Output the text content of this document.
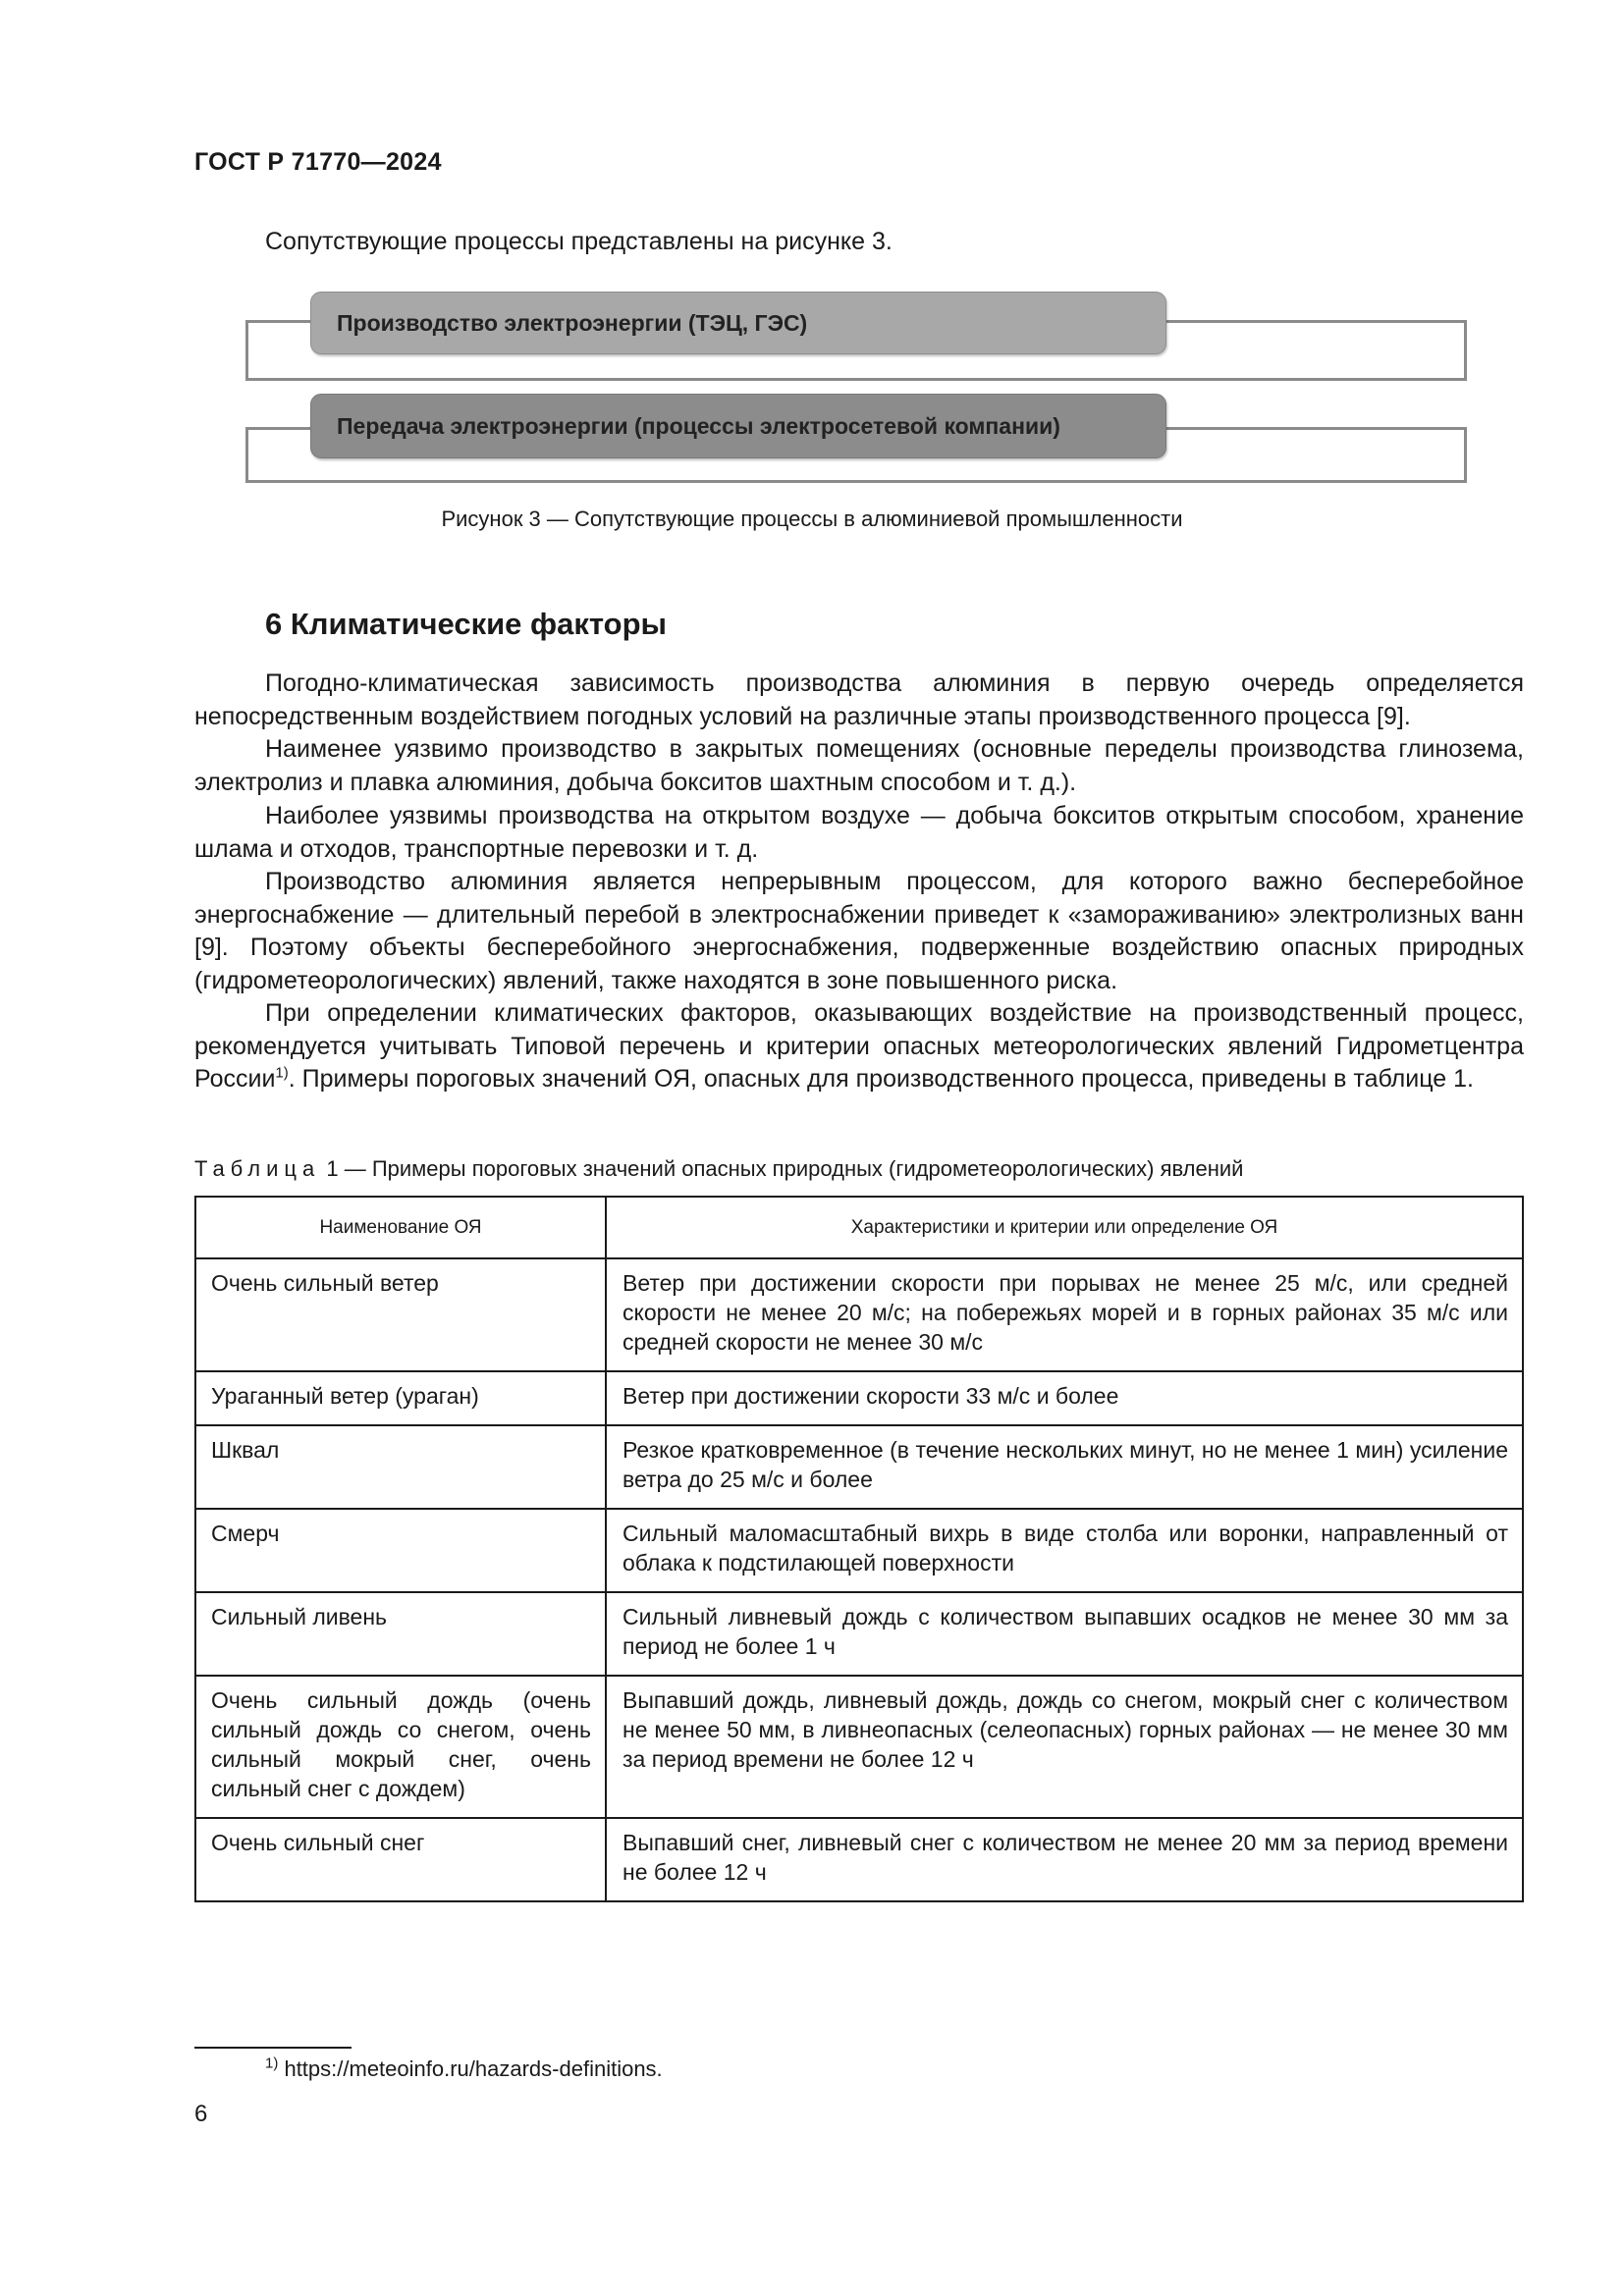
ГОСТ Р 71770—2024
Сопутствующие процессы представлены на рисунке 3.
Производство электроэнергии (ТЭЦ, ГЭС)
Передача электроэнергии (процессы электросетевой компании)
Рисунок 3 — Сопутствующие процессы в алюминиевой промышленности
6 Климатические факторы

Погодно-климатическая зависимость производства алюминия в первую очередь определяется непосредственным воздействием погодных условий на различные этапы производственного процесса [9].

Наименее уязвимо производство в закрытых помещениях (основные переделы производства глинозема, электролиз и плавка алюминия, добыча бокситов шахтным способом и т. д.).

Наиболее уязвимы производства на открытом воздухе — добыча бокситов открытым способом, хранение шлама и отходов, транспортные перевозки и т. д.

Производство алюминия является непрерывным процессом, для которого важно бесперебойное энергоснабжение — длительный перебой в электроснабжении приведет к «замораживанию» электролизных ванн [9]. Поэтому объекты бесперебойного энергоснабжения, подверженные воздействию опасных природных (гидрометеорологических) явлений, также находятся в зоне повышенного риска.

При определении климатических факторов, оказывающих воздействие на производственный процесс, рекомендуется учитывать Типовой перечень и критерии опасных метеорологических явлений Гидрометцентра России$^{1)}$. Примеры пороговых значений ОЯ, опасных для производственного процесса, приведены в таблице 1.

Таблица 1 — Примеры пороговых значений опасных природных (гидрометеорологических) явлений
Наименование ОЯ	Характеристики и критерии или определение ОЯ
Очень сильный ветер	Ветер при достижении скорости при порывах не менее 25 м/с, или средней скорости не менее 20 м/с; на побережьях морей и в горных районах 35 м/с или средней скорости не менее 30 м/с
Ураганный ветер (ураган)	Ветер при достижении скорости 33 м/с и более
Шквал	Резкое кратковременное (в течение нескольких минут, но не менее 1 мин) усиление ветра до 25 м/с и более
Смерч	Сильный маломасштабный вихрь в виде столба или воронки, направленный от облака к подстилающей поверхности
Сильный ливень	Сильный ливневый дождь с количеством выпавших осадков не менее 30 мм за период не более 1 ч
Очень сильный дождь (очень сильный дождь со снегом, очень сильный мокрый снег, очень сильный снег с дождем)	Выпавший дождь, ливневый дождь, дождь со снегом, мокрый снег с количеством не менее 50 мм, в ливнеопасных (селеопасных) горных районах — не менее 30 мм за период времени не более 12 ч
Очень сильный снег	Выпавший снег, ливневый снег с количеством не менее 20 мм за период времени не более 12 ч
$^{1)}$ https://meteoinfo.ru/hazards-definitions.
6
